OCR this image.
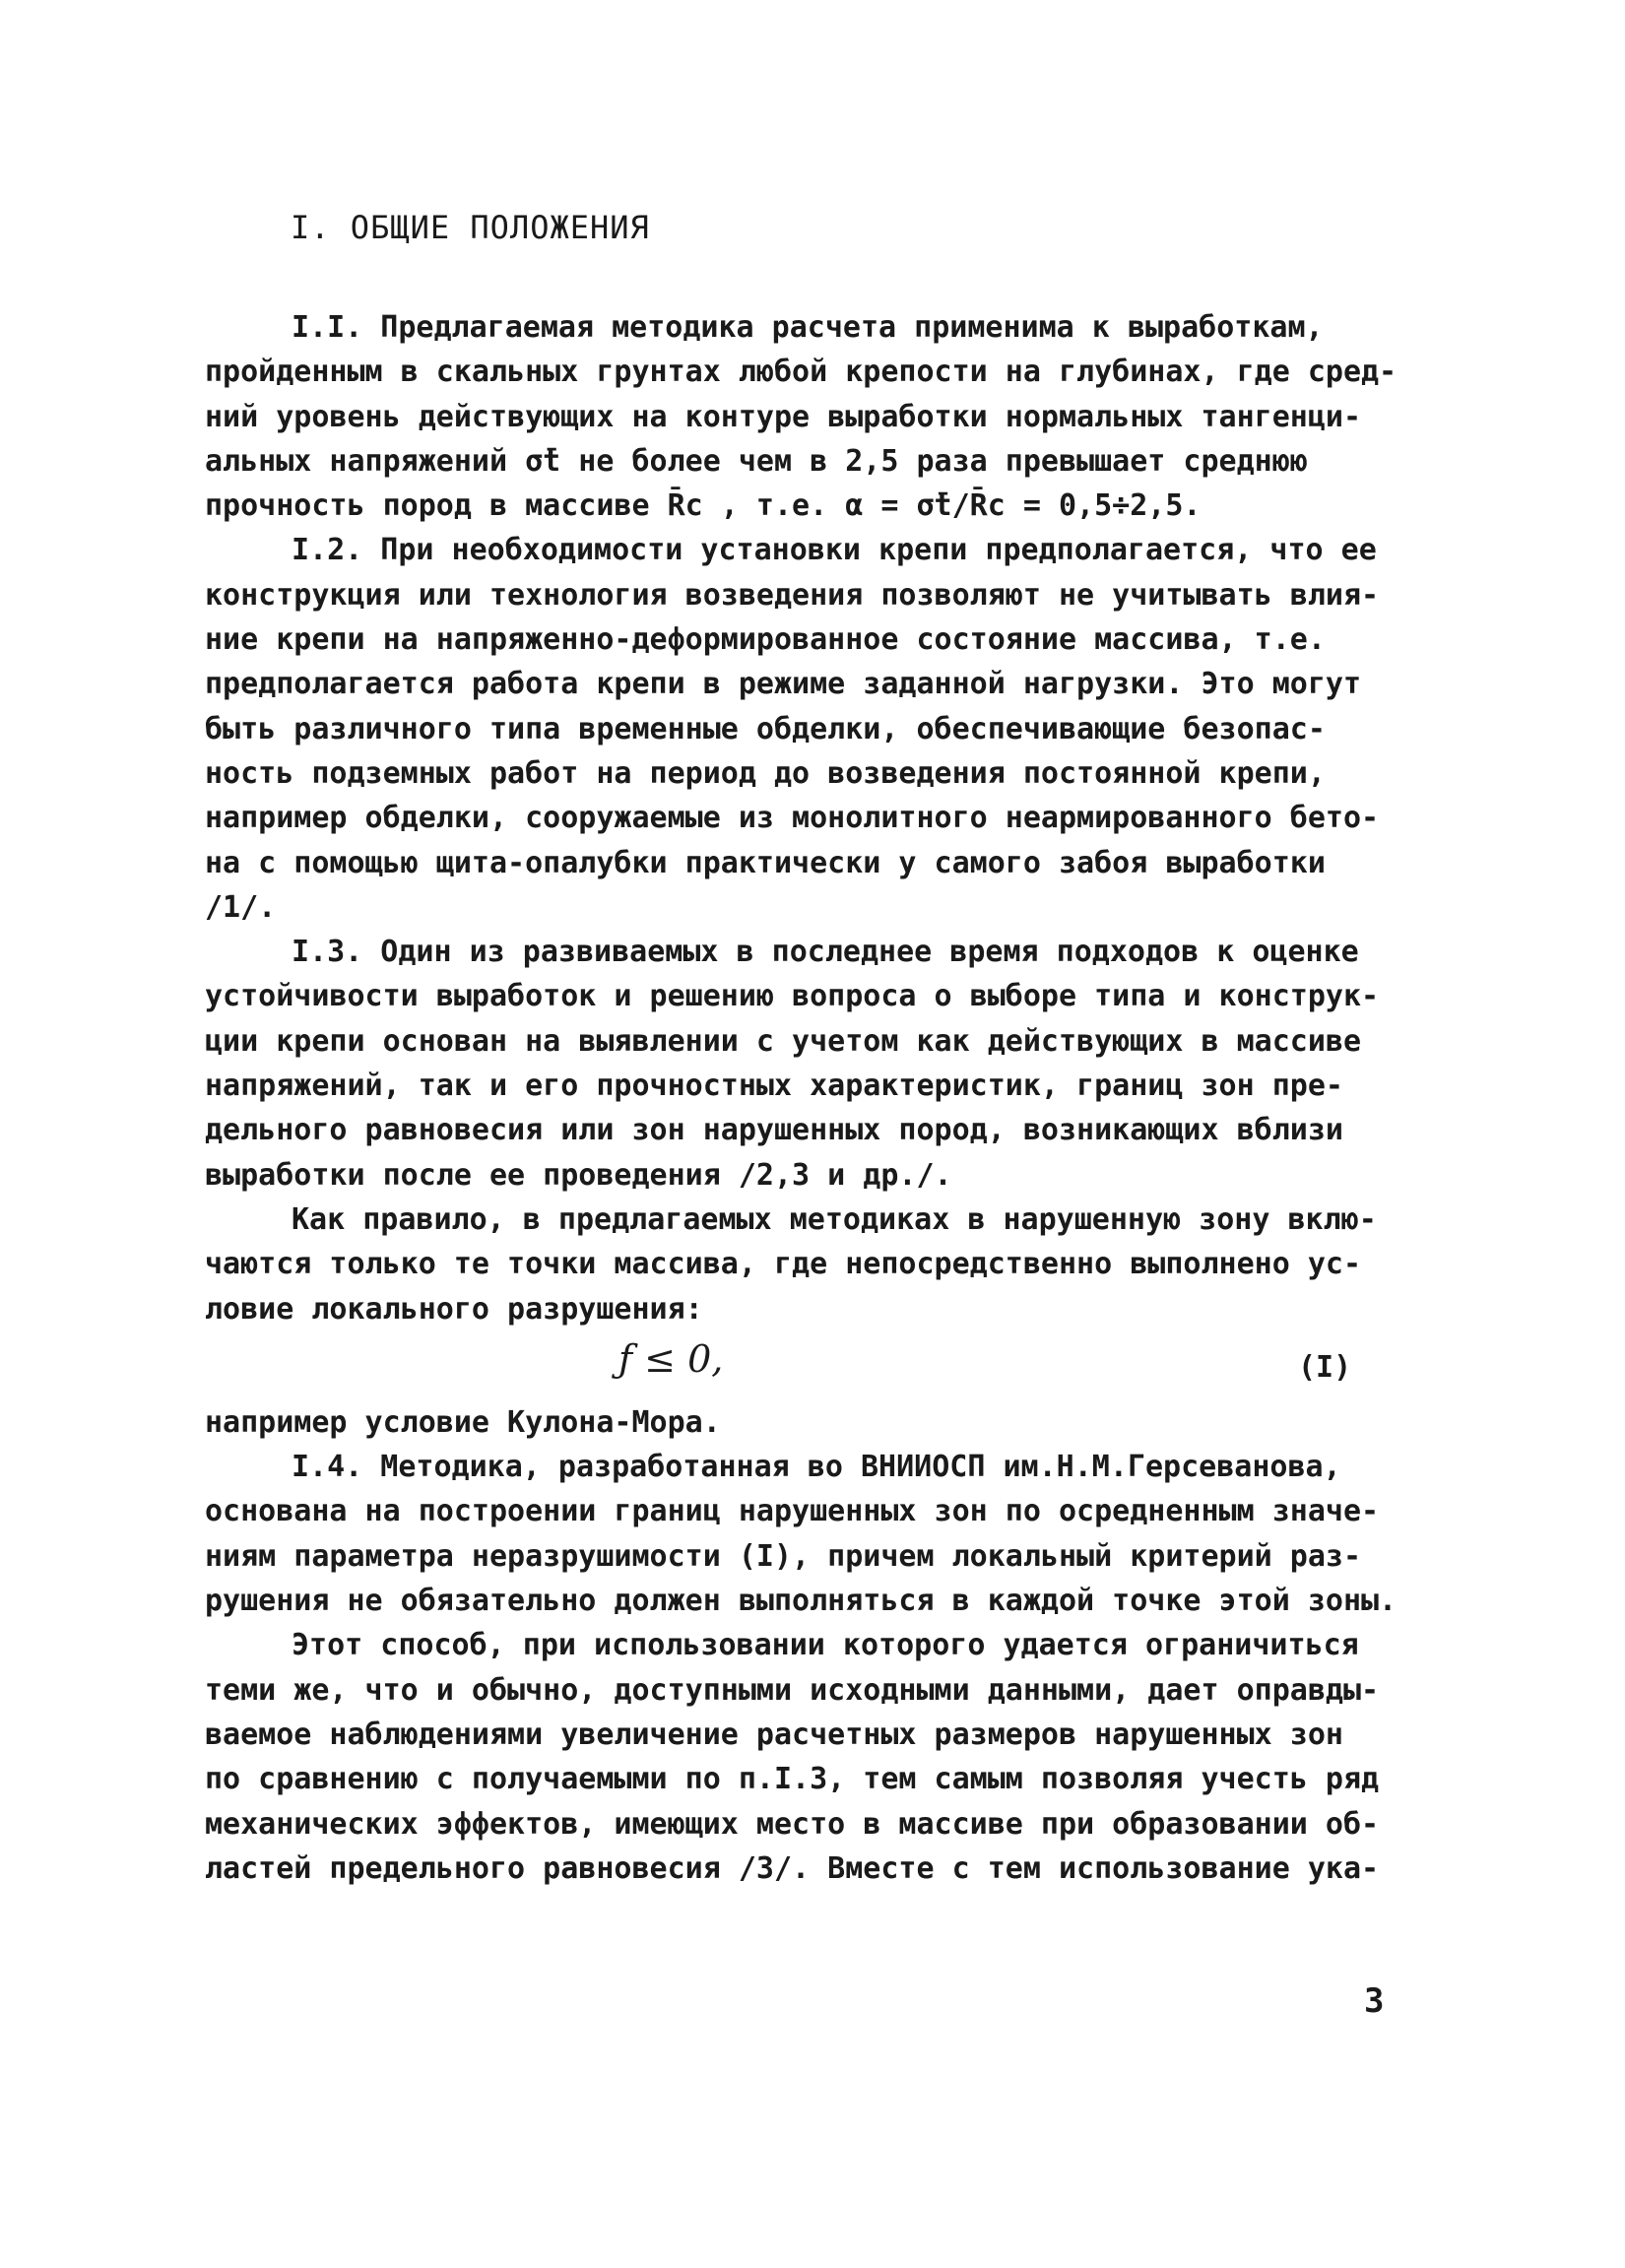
I. ОБЩИЕ ПОЛОЖЕНИЯ
I.I. Предлагаемая методика расчета применима к выработкам,
пройденным в скальных грунтах любой крепости на глубинах, где сред-
ний уровень действующих на контуре выработки нормальных тангенци-
альных напряжений σ̄t не более чем в 2,5 раза превышает среднюю
прочность пород в массиве R̄c , т.е. α = σ̄t/R̄c = 0,5÷2,5.
I.2. При необходимости установки крепи предполагается, что ее
конструкция или технология возведения позволяют не учитывать влия-
ние крепи на напряженно-деформированное состояние массива, т.е.
предполагается работа крепи в режиме заданной нагрузки. Это могут
быть различного типа временные обделки, обеспечивающие безопас-
ность подземных работ на период до возведения постоянной крепи,
например обделки, сооружаемые из монолитного неармированного бето-
на с помощью щита-опалубки практически у самого забоя выработки
/1/.
I.3. Один из развиваемых в последнее время подходов к оценке
устойчивости выработок и решению вопроса о выборе типа и конструк-
ции крепи основан на выявлении с учетом как действующих в массиве
напряжений, так и его прочностных характеристик, границ зон пре-
дельного равновесия или зон нарушенных пород, возникающих вблизи
выработки после ее проведения /2,3 и др./.
Как правило, в предлагаемых методиках в нарушенную зону вклю-
чаются только те точки массива, где непосредственно выполнено ус-
ловие локального разрушения:
ƒ ≤ 0,	(I)
например условие Кулона-Мора.
I.4. Методика, разработанная во ВНИИОСП им.Н.М.Герсеванова,
основана на построении границ нарушенных зон по осредненным значе-
ниям параметра неразрушимости (I), причем локальный критерий раз-
рушения не обязательно должен выполняться в каждой точке этой зоны.
Этот способ, при использовании которого удается ограничиться
теми же, что и обычно, доступными исходными данными, дает оправды-
ваемое наблюдениями увеличение расчетных размеров нарушенных зон
по сравнению с получаемыми по п.I.3, тем самым позволяя учесть ряд
механических эффектов, имеющих место в массиве при образовании об-
ластей предельного равновесия /3/. Вместе с тем использование ука-
3
